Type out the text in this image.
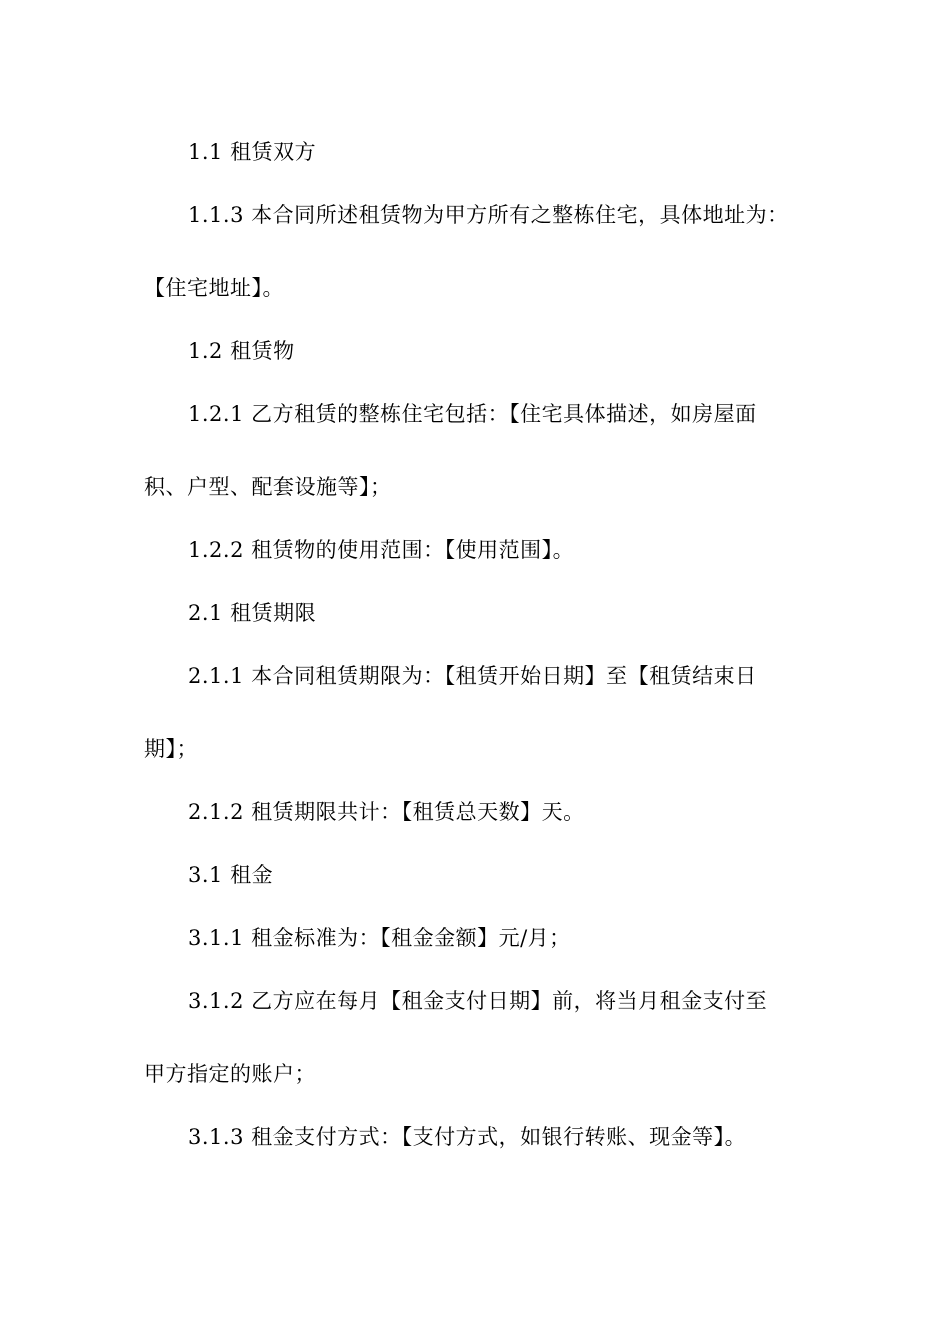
1.1 租赁双方
1.1.3 本合同所述租赁物为甲方所有之整栋住宅，具体地址为：
【住宅地址】。
1.2 租赁物
1.2.1 乙方租赁的整栋住宅包括：【住宅具体描述，如房屋面
积、户型、配套设施等】；
1.2.2 租赁物的使用范围：【使用范围】。
2.1 租赁期限
2.1.1 本合同租赁期限为：【租赁开始日期】至【租赁结束日
期】；
2.1.2 租赁期限共计：【租赁总天数】天。
3.1 租金
3.1.1 租金标准为：【租金金额】元/月；
3.1.2 乙方应在每月【租金支付日期】前，将当月租金支付至
甲方指定的账户；
3.1.3 租金支付方式：【支付方式，如银行转账、现金等】。
